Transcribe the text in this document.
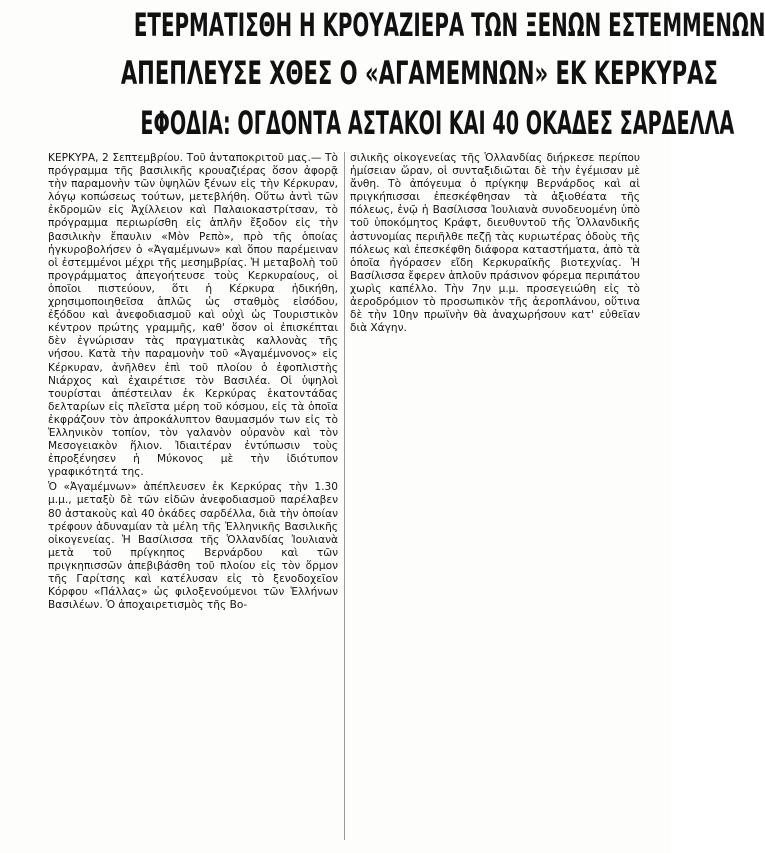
ΕΤΕΡΜΑΤΙΣΘΗ Η ΚΡΟΥΑΖΙΕΡΑ ΤΩΝ ΞΕΝΩΝ ΕΣΤΕΜΜΕΝΩΝ
ΑΠΕΠΛΕΥΣΕ ΧΘΕΣ Ο «ΑΓΑΜΕΜΝΩΝ» ΕΚ ΚΕΡΚΥΡΑΣ
ΕΦΟΔΙΑ: ΟΓΔΟΝΤΑ ΑΣΤΑΚΟΙ ΚΑΙ 40 ΟΚΑΔΕΣ ΣΑΡΔΕΛΛΑ

ΚΕΡΚΥΡΑ, 2 Σεπτεμβρίου. Τοῦ ἀνταποκριτοῦ μας.— Τὸ πρόγραμμα τῆς βασιλικῆς κρουαζιέρας ὅσον ἀφορᾷ τὴν παραμονὴν τῶν ὑψηλῶν ξένων εἰς τὴν Κέρκυραν, λόγῳ κοπώσεως τούτων, μετεβλήθη. Οὕτω ἀντὶ τῶν ἐκδρομῶν εἰς Ἀχίλλειον καὶ Παλαιοκαστρίτσαν, τὸ πρόγραμμα περιωρίσθη εἰς ἁπλῆν ἔξοδον εἰς τὴν βασιλικὴν ἔπαυλιν «Μὸν Ρεπὸ», πρὸ τῆς ὁποίας ἠγκυροβολήσεν ὁ «Ἀγαμέμνων» καὶ ὅπου παρέμειναν οἱ ἐστεμμένοι μέχρι τῆς μεσημβρίας. Ἡ μεταβολὴ τοῦ προγράμματος ἀπεγοήτευσε τοὺς Κερκυραίους, οἱ ὁποῖοι πιστεύουν, ὅτι ἡ Κέρκυρα ἠδικήθη, χρησιμοποιηθεῖσα ἁπλῶς ὡς σταθμὸς εἰσόδου, ἐξόδου καὶ ἀνεφοδιασμοῦ καὶ οὐχὶ ὡς Τουριστικὸν κέντρον πρώτης γραμμῆς, καθ' ὅσον οἱ ἐπισκέπται δὲν ἐγνώρισαν τὰς πραγματικὰς καλλονὰς τῆς νήσου. Κατὰ τὴν παραμονὴν τοῦ «Ἀγαμέμνονος» εἰς Κέρκυραν, ἀνῆλθεν ἐπὶ τοῦ πλοίου ὁ ἐφοπλιστὴς Νιάρχος καὶ ἐχαιρέτισε τὸν Βασιλέα. Οἱ ὑψηλοὶ τουρίσται ἀπέστειλαν ἐκ Κερκύρας ἑκατοντάδας δελταρίων εἰς πλεῖστα μέρη τοῦ κόσμου, εἰς τὰ ὁποῖα ἐκφράζουν τὸν ἀπροκάλυπτον θαυμασμόν των εἰς τὸ Ἑλληνικὸν τοπίον, τὸν γαλανὸν οὐρανὸν καὶ τὸν Μεσογειακὸν ἥλιον. Ἰδιαιτέραν ἐντύπωσιν τοὺς ἐπροξένησεν ἡ Μύκονος μὲ τὴν ἰδιότυπον γραφικότητά της.

Ὁ «Ἀγαμέμνων» ἀπέπλευσεν ἐκ Κερκύρας τὴν 1.30 μ.μ., μεταξὺ δὲ τῶν εἰδῶν ἀνεφοδιασμοῦ παρέλαβεν 80 ἀστακοὺς καὶ 40 ὀκάδες σαρδέλλα, διὰ τὴν ὁποίαν τρέφουν ἀδυναμίαν τὰ μέλη τῆς Ἑλληνικῆς Βασιλικῆς οἰκογενείας. Ἡ Βασίλισσα τῆς Ὁλλανδίας Ἰουλιανὰ μετὰ τοῦ πρίγκηπος Βερνάρδου καὶ τῶν πριγκηπισσῶν ἀπεβιβάσθη τοῦ πλοίου εἰς τὸν ὅρμον τῆς Γαρίτσης καὶ κατέλυσαν εἰς τὸ ξενοδοχεῖον Κόρφου «Πάλλας» ὡς φιλοξενούμενοι τῶν Ἑλλήνων Βασιλέων. Ὁ ἀποχαιρετισμὸς τῆς Βο-

σιλικῆς οἰκογενείας τῆς Ὁλλανδίας διήρκεσε περίπου ἡμίσειαν ὥραν, οἱ συνταξιδιῶται δὲ τὴν ἐγέμισαν μὲ ἄνθη. Τὸ ἀπόγευμα ὁ πρίγκηψ Βερνάρδος καὶ αἱ πριγκήπισσαι ἐπεσκέφθησαν τὰ ἀξιοθέατα τῆς πόλεως, ἐνῷ ἡ Βασίλισσα Ἰουλιανὰ συνοδευομένη ὑπὸ τοῦ ὑποκόμητος Κράφτ, διευθυντοῦ τῆς Ὁλλανδικῆς ἀστυνομίας περιῆλθε πεζῇ τὰς κυριωτέρας ὁδοὺς τῆς πόλεως καὶ ἐπεσκέφθη διάφορα καταστήματα, ἀπὸ τὰ ὁποῖα ἠγόρασεν εἴδη Κερκυραϊκῆς βιοτεχνίας. Ἡ Βασίλισσα ἔφερεν ἁπλοῦν πράσινον φόρεμα περιπάτου χωρὶς καπέλλο. Τὴν 7ην μ.μ. προσεγειώθη εἰς τὸ ἀεροδρόμιον τὸ προσωπικὸν τῆς ἀεροπλάνου, οὕτινα δὲ τὴν 10ην πρωϊνὴν θὰ ἀναχωρήσουν κατ' εὐθεῖαν διὰ Χάγην.
